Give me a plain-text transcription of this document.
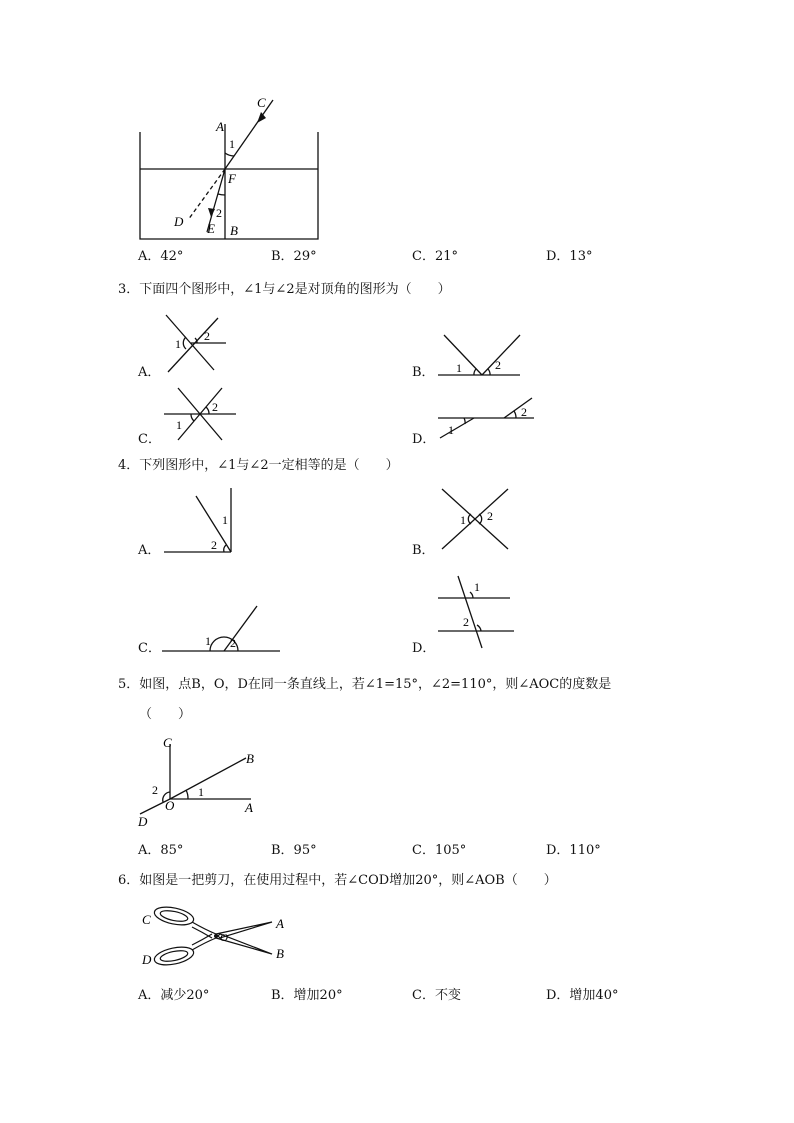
A
C
1
F
D
2
E B
A．42°	B．29°	C．21°	D．13°
3．下面四个图形中，∠1与∠2是对顶角的图形为（　　）
A．
1
2
B． 1	2
C．
2
1
D．
1
2
4．下列图形中，∠1与∠2一定相等的是（　　）
A．
1
2	B．
1 2
C．	1 2	D．
1
2
5．如图，点B，O，D在同一条直线上，若∠1=15°，∠2=110°，则∠AOC的度数是
（　　）
C
B
2
O
1
A
D
A．85°	B．95°	C．105°	D．110°
6．如图是一把剪刀，在使用过程中，若∠COD增加20°，则∠AOB（　　）
C
D
O
A
B
A．减少20°	B．增加20°	C．不变	D．增加40°
